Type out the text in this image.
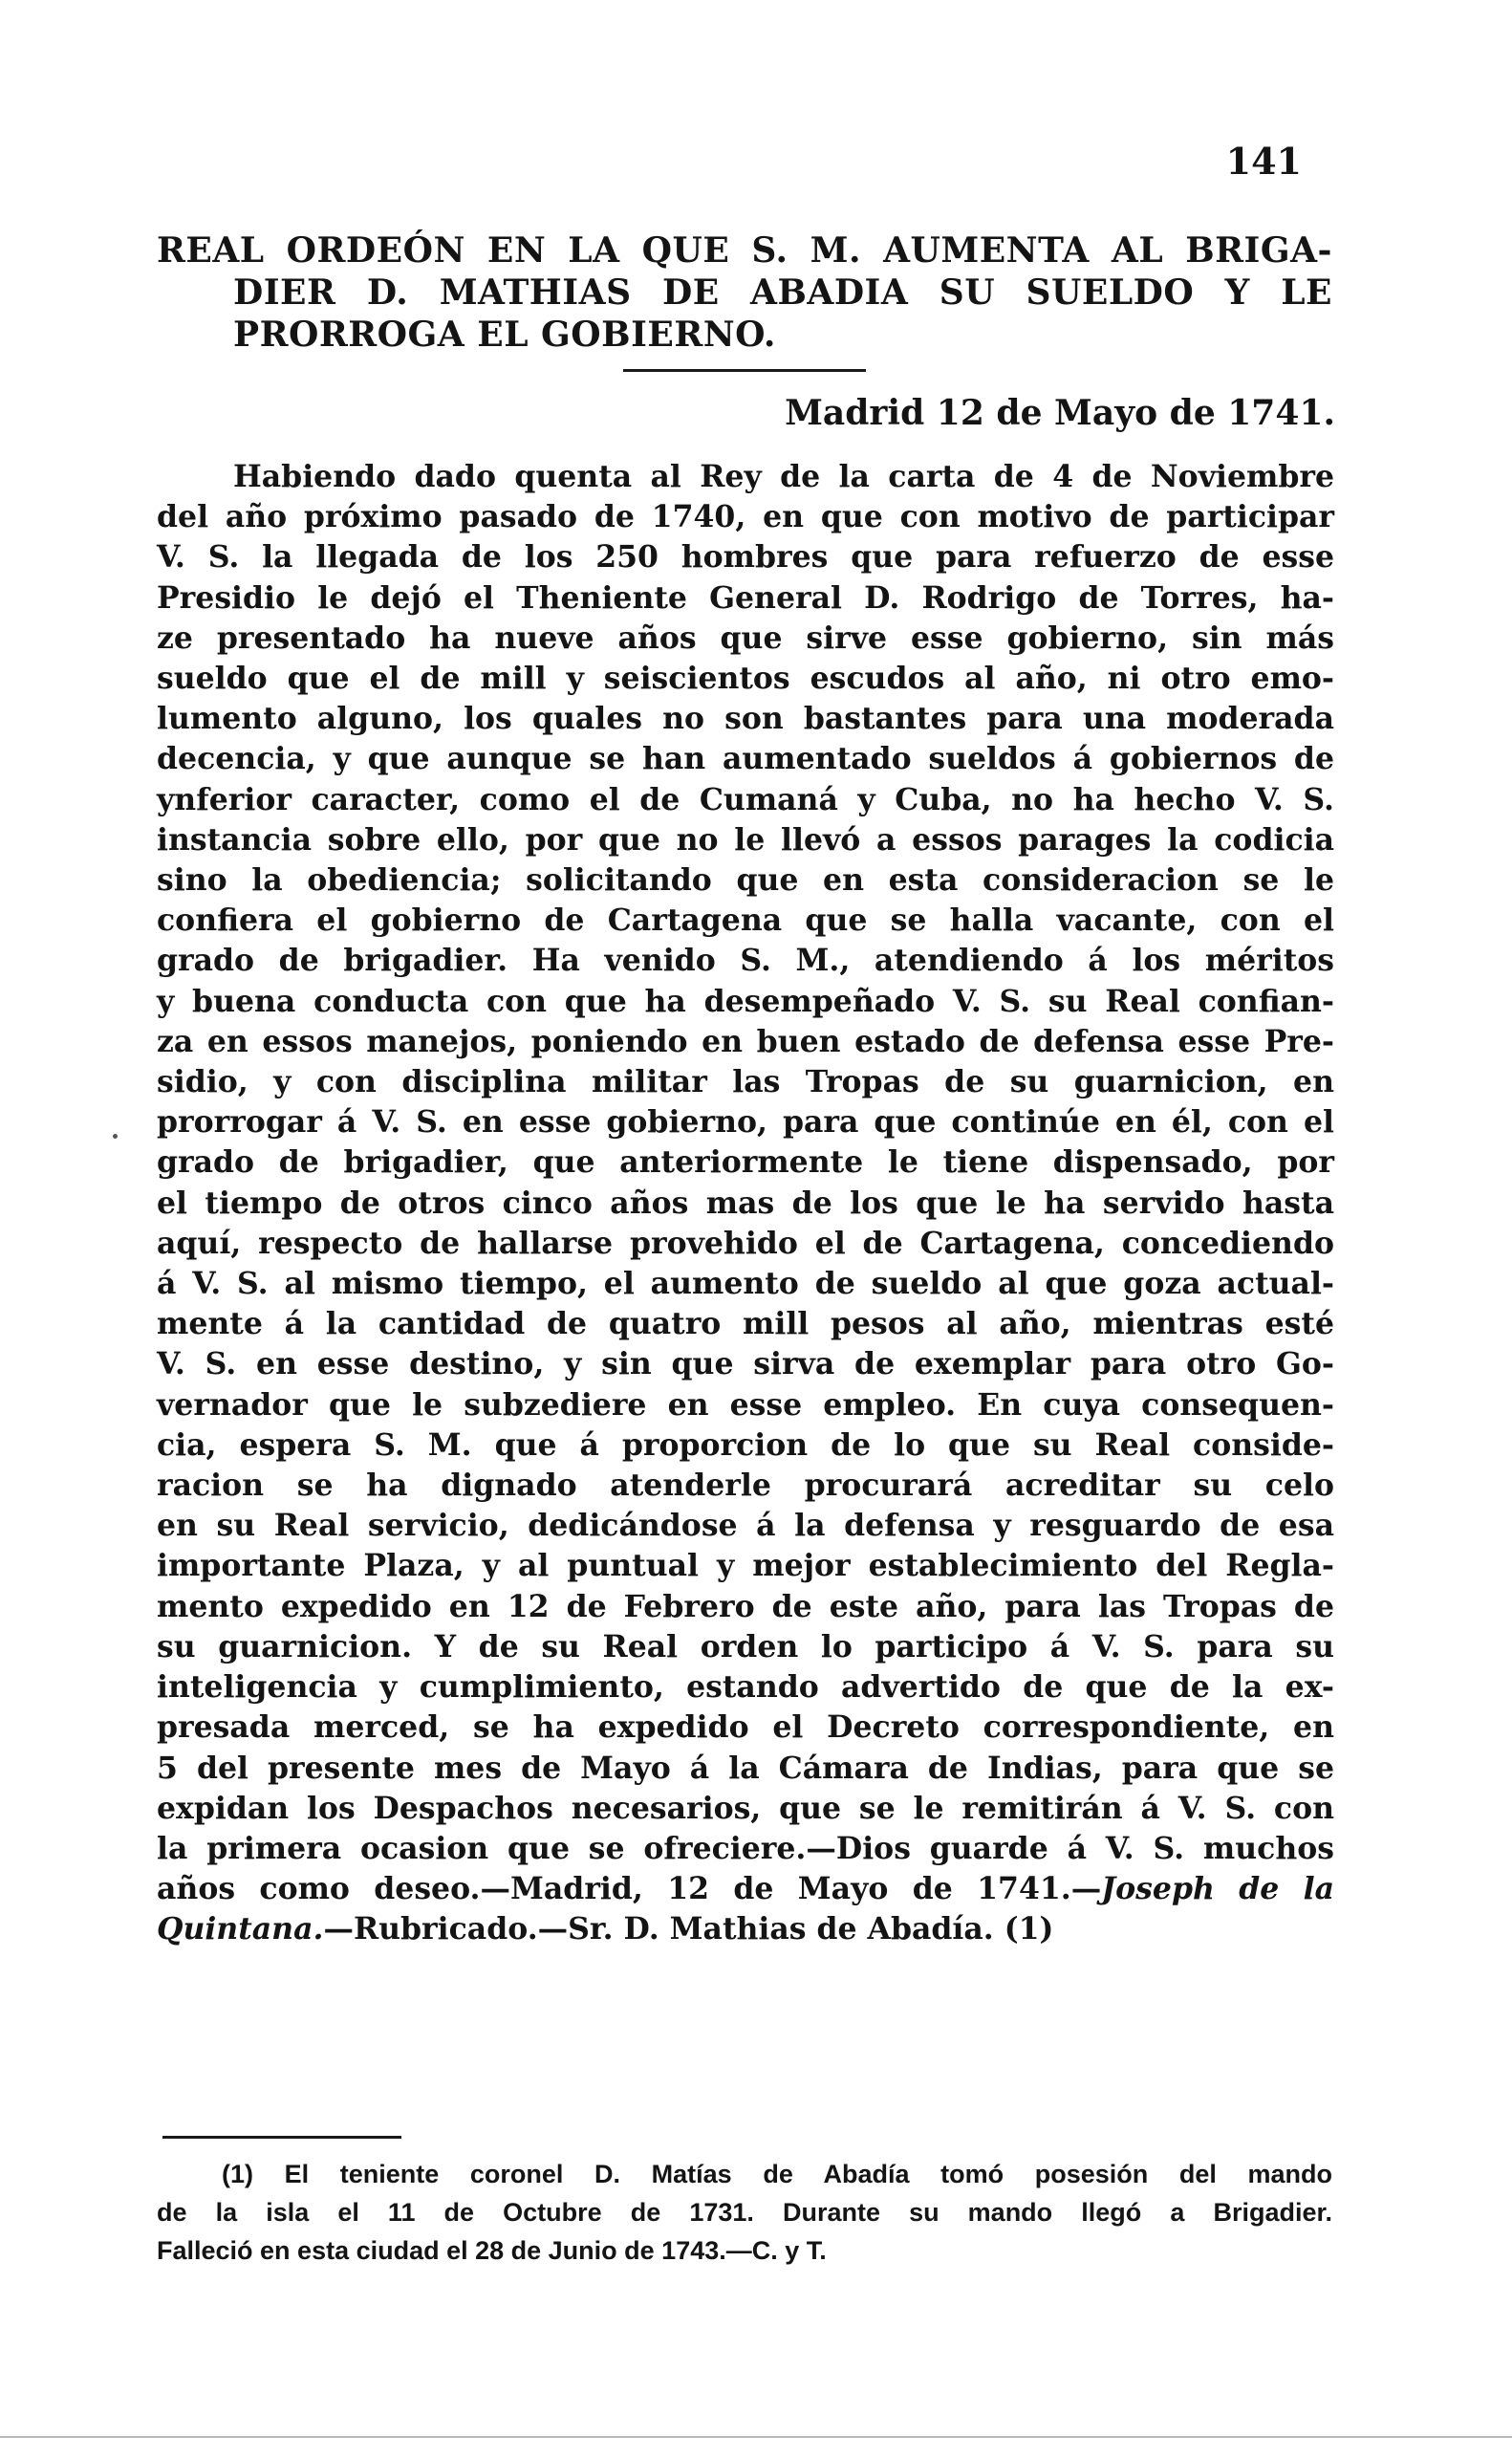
141
REAL ORDEÓN EN LA QUE S. M. AUMENTA AL BRIGA-
DIER D. MATHIAS DE ABADIA SU SUELDO Y LE
PRORROGA EL GOBIERNO.
Madrid 12 de Mayo de 1741.
Habiendo dado quenta al Rey de la carta de 4 de Noviembre
del año próximo pasado de 1740, en que con motivo de participar
V. S. la llegada de los 250 hombres que para refuerzo de esse
Presidio le dejó el Theniente General D. Rodrigo de Torres, ha-
ze presentado ha nueve años que sirve esse gobierno, sin más
sueldo que el de mill y seiscientos escudos al año, ni otro emo-
lumento alguno, los quales no son bastantes para una moderada
decencia, y que aunque se han aumentado sueldos á gobiernos de
ynferior caracter, como el de Cumaná y Cuba, no ha hecho V. S.
instancia sobre ello, por que no le llevó a essos parages la codicia
sino la obediencia; solicitando que en esta consideracion se le
confiera el gobierno de Cartagena que se halla vacante, con el
grado de brigadier. Ha venido S. M., atendiendo á los méritos
y buena conducta con que ha desempeñado V. S. su Real confian-
za en essos manejos, poniendo en buen estado de defensa esse Pre-
sidio, y con disciplina militar las Tropas de su guarnicion, en
prorrogar á V. S. en esse gobierno, para que continúe en él, con el
grado de brigadier, que anteriormente le tiene dispensado, por
el tiempo de otros cinco años mas de los que le ha servido hasta
aquí, respecto de hallarse provehido el de Cartagena, concediendo
á V. S. al mismo tiempo, el aumento de sueldo al que goza actual-
mente á la cantidad de quatro mill pesos al año, mientras esté
V. S. en esse destino, y sin que sirva de exemplar para otro Go-
vernador que le subzediere en esse empleo. En cuya consequen-
cia, espera S. M. que á proporcion de lo que su Real conside-
racion se ha dignado atenderle procurará acreditar su celo
en su Real servicio, dedicándose á la defensa y resguardo de esa
importante Plaza, y al puntual y mejor establecimiento del Regla-
mento expedido en 12 de Febrero de este año, para las Tropas de
su guarnicion. Y de su Real orden lo participo á V. S. para su
inteligencia y cumplimiento, estando advertido de que de la ex-
presada merced, se ha expedido el Decreto correspondiente, en
5 del presente mes de Mayo á la Cámara de Indias, para que se
expidan los Despachos necesarios, que se le remitirán á V. S. con
la primera ocasion que se ofreciere.—Dios guarde á V. S. muchos
años como deseo.—Madrid, 12 de Mayo de 1741.—Joseph de la
Quintana.—Rubricado.—Sr. D. Mathias de Abadía. (1)
(1) El teniente coronel D. Matías de Abadía tomó posesión del mando
de la isla el 11 de Octubre de 1731. Durante su mando llegó a Brigadier.
Falleció en esta ciudad el 28 de Junio de 1743.—C. y T.
